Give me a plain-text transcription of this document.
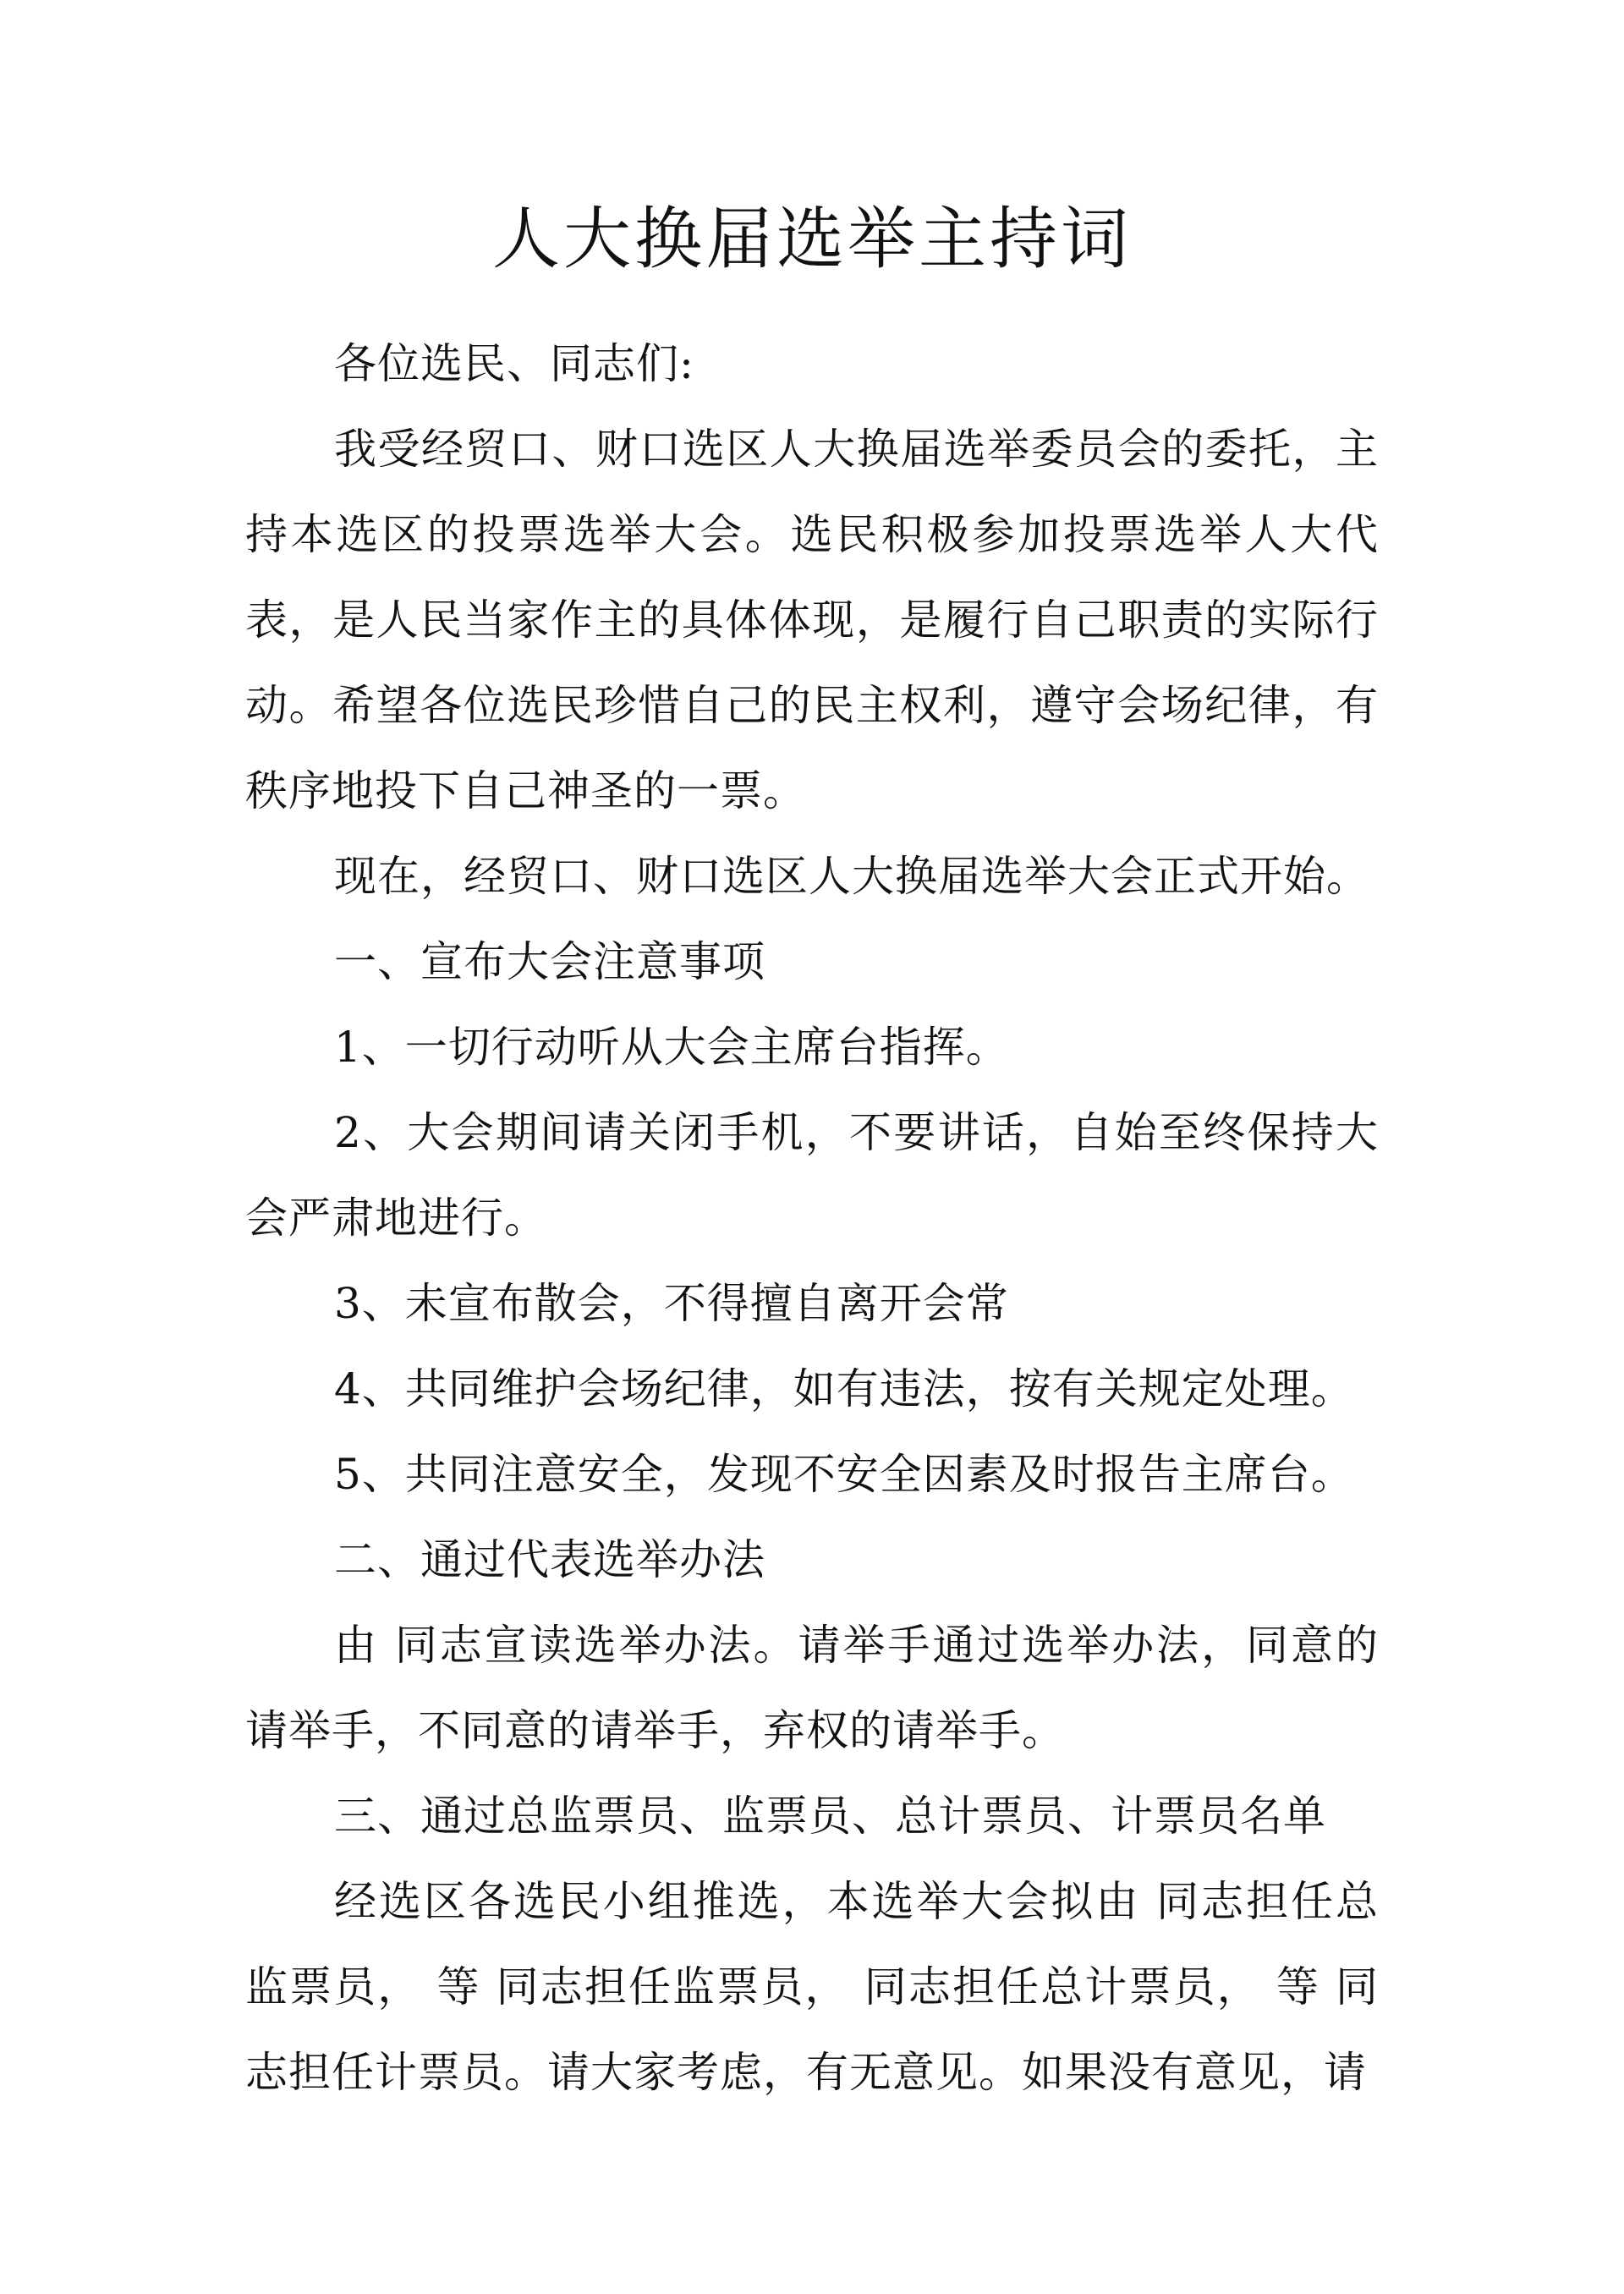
人大换届选举主持词

各位选民、同志们:

我受经贸口、财口选区人大换届选举委员会的委托，主持本选区的投票选举大会。选民积极参加投票选举人大代表，是人民当家作主的具体体现，是履行自己职责的实际行动。希望各位选民珍惜自己的民主权利，遵守会场纪律，有秩序地投下自己神圣的一票。

现在，经贸口、财口选区人大换届选举大会正式开始。

一、宣布大会注意事项

1、一切行动听从大会主席台指挥。

2、大会期间请关闭手机，不要讲话，自始至终保持大会严肃地进行。

3、未宣布散会，不得擅自离开会常

4、共同维护会场纪律，如有违法，按有关规定处理。

5、共同注意安全，发现不安全因素及时报告主席台。

二、通过代表选举办法

由 同志宣读选举办法。请举手通过选举办法，同意的请举手，不同意的请举手，弃权的请举手。

三、通过总监票员、监票员、总计票员、计票员名单

经选区各选民小组推选，本选举大会拟由 同志担任总监票员， 等 同志担任监票员， 同志担任总计票员， 等 同志担任计票员。请大家考虑，有无意见。如果没有意见，请
